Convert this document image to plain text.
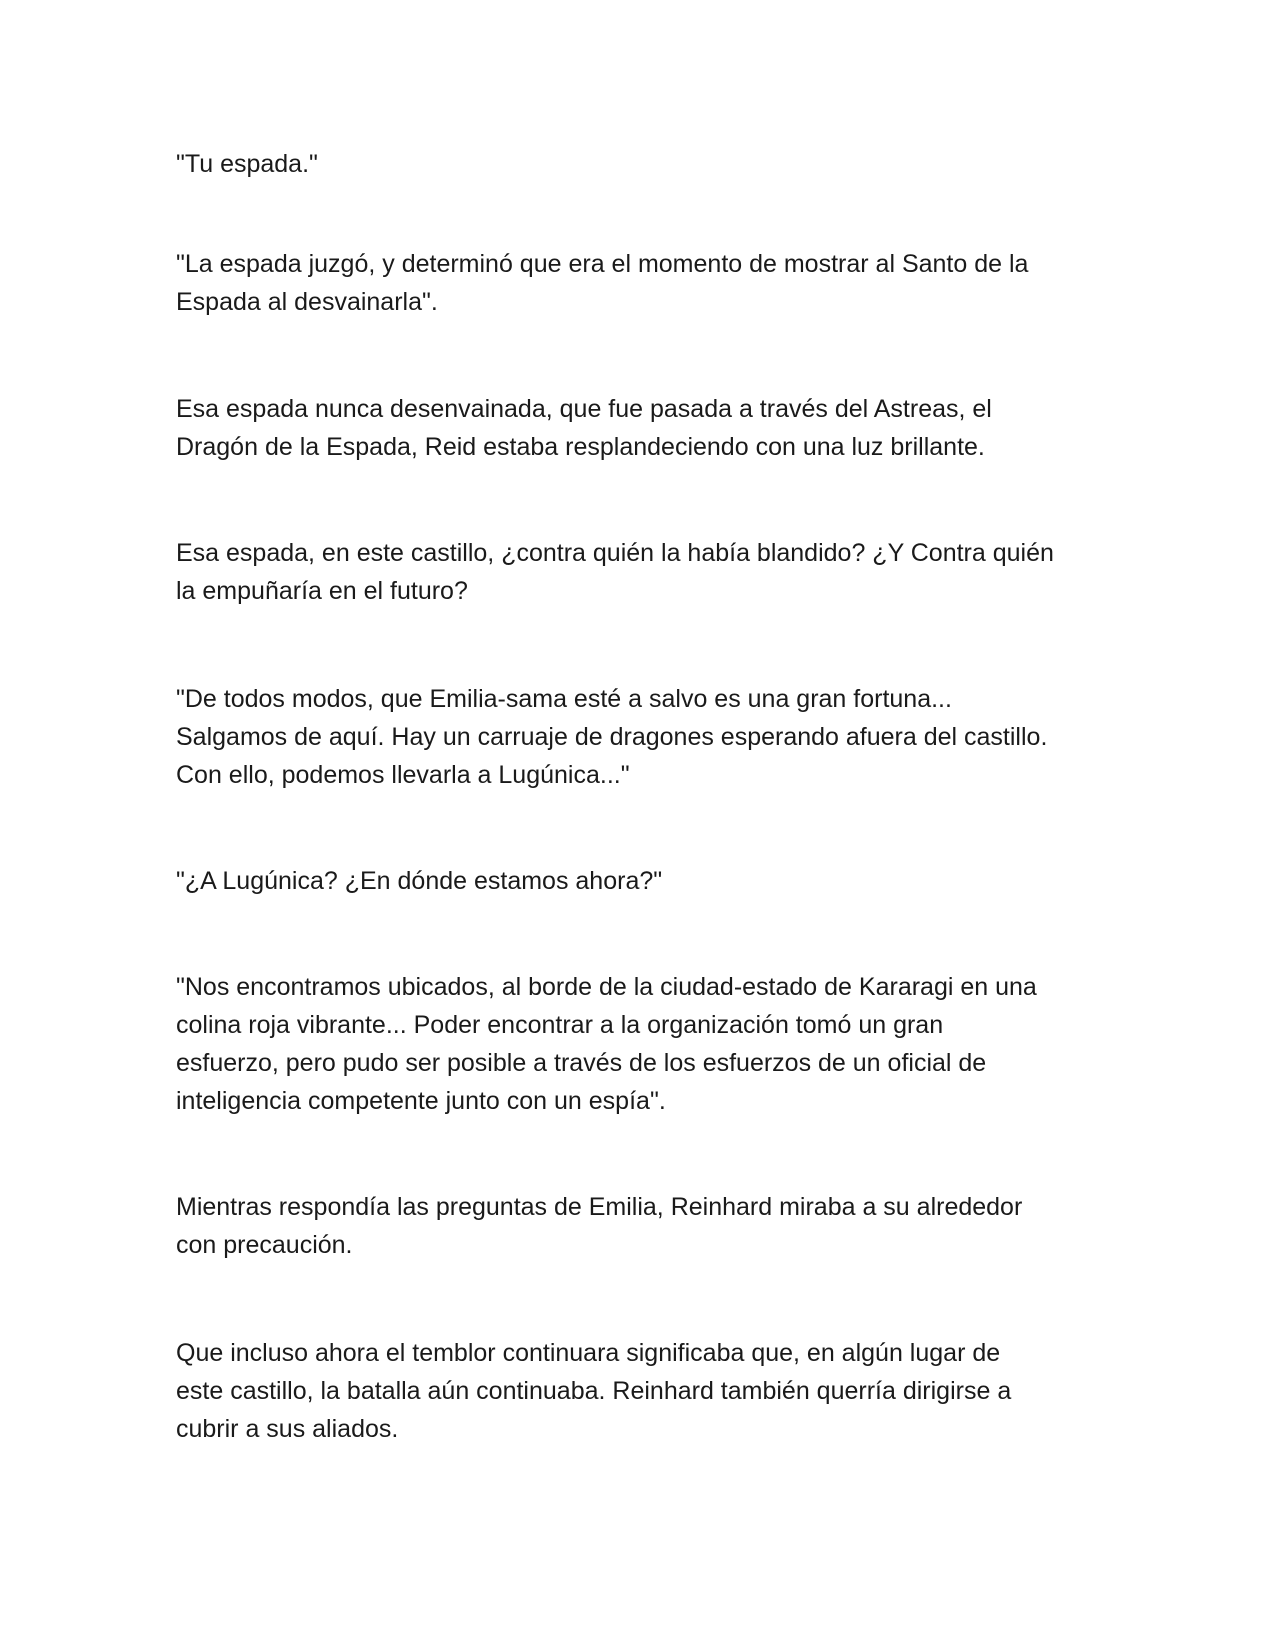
"Tu espada."

"La espada juzgó, y determinó que era el momento de mostrar al Santo de la
Espada al desvainarla".

Esa espada nunca desenvainada, que fue pasada a través del Astreas, el
Dragón de la Espada, Reid estaba resplandeciendo con una luz brillante.

Esa espada, en este castillo, ¿contra quién la había blandido? ¿Y Contra quién
la empuñaría en el futuro?

"De todos modos, que Emilia-sama esté a salvo es una gran fortuna...
Salgamos de aquí. Hay un carruaje de dragones esperando afuera del castillo.
Con ello, podemos llevarla a Lugúnica..."

"¿A Lugúnica? ¿En dónde estamos ahora?"

"Nos encontramos ubicados, al borde de la ciudad-estado de Kararagi en una
colina roja vibrante... Poder encontrar a la organización tomó un gran
esfuerzo, pero pudo ser posible a través de los esfuerzos de un oficial de
inteligencia competente junto con un espía".

Mientras respondía las preguntas de Emilia, Reinhard miraba a su alrededor
con precaución.

Que incluso ahora el temblor continuara significaba que, en algún lugar de
este castillo, la batalla aún continuaba. Reinhard también querría dirigirse a
cubrir a sus aliados.
